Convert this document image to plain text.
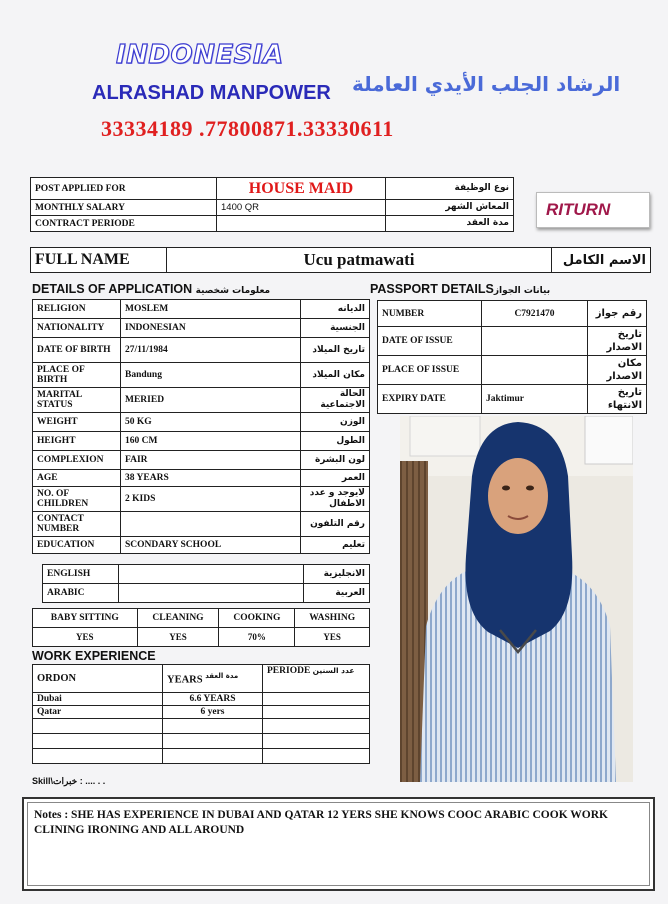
INDONESIA
ALRASHAD MANPOWER الرشاد الجلب الأيدي العاملة
33334189 .77800871.33330611
POST APPLIED FOR	HOUSE MAID	نوع الوظيفة
MONTHLY SALARY	1400 QR	المعاش الشهر
CONTRACT PERIODE		مدة العقد
RITURN
FULL NAME	Ucu patmawati	الاسم الكامل
DETAILS OF APPLICATION معلومات شخصية	PASSPORT DETAILSبيانات الجواز
RELIGION	MOSLEM	الديانه
NATIONALITY	INDONESIAN	الجنسية
DATE OF BIRTH	27/11/1984	تاريخ الميلاد
PLACE OF BIRTH	Bandung	مكان الميلاد
MARITAL STATUS	MERIED	الحالة الاجتماعية
WEIGHT	50 KG	الوزن
HEIGHT	160 CM	الطول
COMPLEXION	FAIR	لون البشرة
AGE	38 YEARS	العمر
NO. OF CHILDREN	2 KIDS	لايوجد و عدد الاطفال
CONTACT NUMBER		رقم التلفون
EDUCATION	SCONDARY SCHOOL	تعليم
ENGLISH		الانجليزية
ARABIC		العربية
BABY SITTING	CLEANING	COOKING	WASHING
YES	YES	70%	YES
NUMBER	C7921470	رقم جواز
DATE OF ISSUE		تاريخ الاصدار
PLACE OF ISSUE		مكان الاصدار
EXPIRY DATE	Jaktimur	تاريخ الانتهاء
WORK EXPERIENCE
ORDON	YEARS $^{مدة العقد}$	PERIODE عدد السنين
Dubai	6.6 YEARS	
Qatar	6 yers	

Skill\خبرات : .... . .
Notes : SHE HAS EXPERIENCE IN DUBAI AND QATAR 12 YERS SHE KNOWS COOC ARABIC COOK WORK CLINING IRONING AND ALL AROUND
